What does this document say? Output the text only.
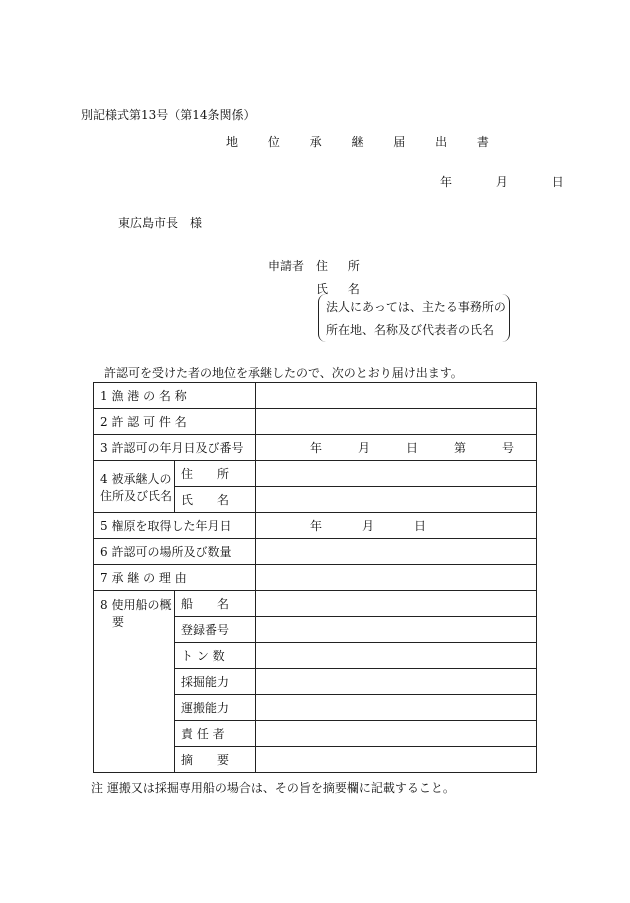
別記様式第13号（第14条関係）
地 位 承 継 届 出 書
年	月	日
東広島市長　様
申請者 住 所
氏 名
法人にあっては、主たる事務所の
所在地、名称及び代表者の氏名
許認可を受けた者の地位を承継したので、次のとおり届け出ます。
1 漁 港 の 名 称		
2 許 認 可 件 名		
3 許認可の年月日及び番号		年 月 日 第 号

4 被承継人の
住所及び氏名	住　　所	
	氏　　名	
5 権原を取得した年月日		年 月 日

6 許認可の場所及び数量		
7 承 継 の 理 由		

8 使用船の概
要	船　　名	
	登録番号	
	ト ン 数	
	採掘能力	
	運搬能力	
	責 任 者	
	摘　　要	
注 運搬又は採掘専用船の場合は、その旨を摘要欄に記載すること。
